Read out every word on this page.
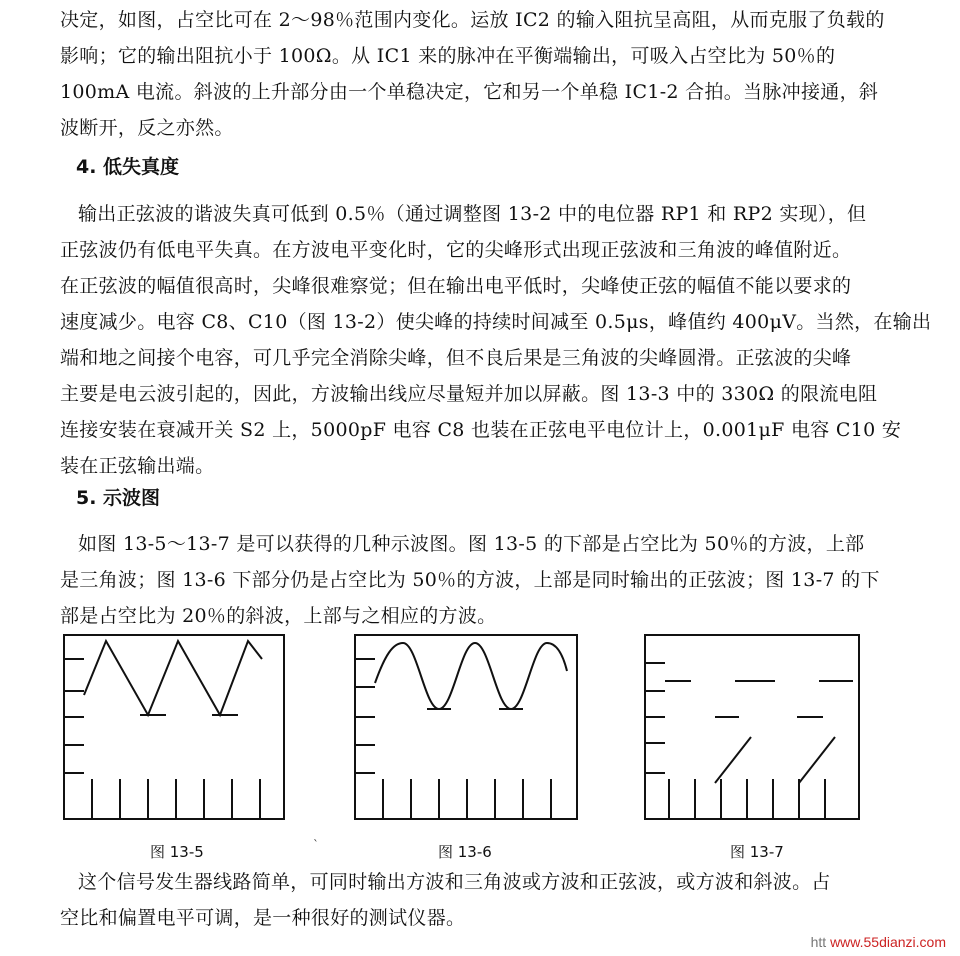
决定，如图，占空比可在 2～98％范围内变化。运放 IC2 的输入阻抗呈高阻，从而克服了负载的
影响；它的输出阻抗小于 100Ω。从 IC1 来的脉冲在平衡端输出，可吸入占空比为 50％的
100mA 电流。斜波的上升部分由一个单稳决定，它和另一个单稳 IC1-2 合拍。当脉冲接通，斜
波断开，反之亦然。
4. 低失真度
输出正弦波的谐波失真可低到 0.5％（通过调整图 13-2 中的电位器 RP1 和 RP2 实现），但
正弦波仍有低电平失真。在方波电平变化时，它的尖峰形式出现正弦波和三角波的峰值附近。
在正弦波的幅值很高时，尖峰很难察觉；但在输出电平低时，尖峰使正弦的幅值不能以要求的
速度减少。电容 C8、C10（图 13-2）使尖峰的持续时间减至 0.5μs，峰值约 400μV。当然，在输出
端和地之间接个电容，可几乎完全消除尖峰，但不良后果是三角波的尖峰圆滑。正弦波的尖峰
主要是电云波引起的，因此，方波输出线应尽量短并加以屏蔽。图 13-3 中的 330Ω 的限流电阻
连接安装在衰减开关 S2 上，5000pF 电容 C8 也装在正弦电平电位计上，0.001μF 电容 C10 安
装在正弦输出端。
5. 示波图
如图 13-5～13-7 是可以获得的几种示波图。图 13-5 的下部是占空比为 50％的方波，上部
是三角波；图 13-6 下部分仍是占空比为 50％的方波，上部是同时输出的正弦波；图 13-7 的下
部是占空比为 20％的斜波，上部与之相应的方波。
图 13-5	`	图 13-6	图 13-7
这个信号发生器线路简单，可同时输出方波和三角波或方波和正弦波，或方波和斜波。占
空比和偏置电平可调，是一种很好的测试仪器。
htt www.55dianzi.com
